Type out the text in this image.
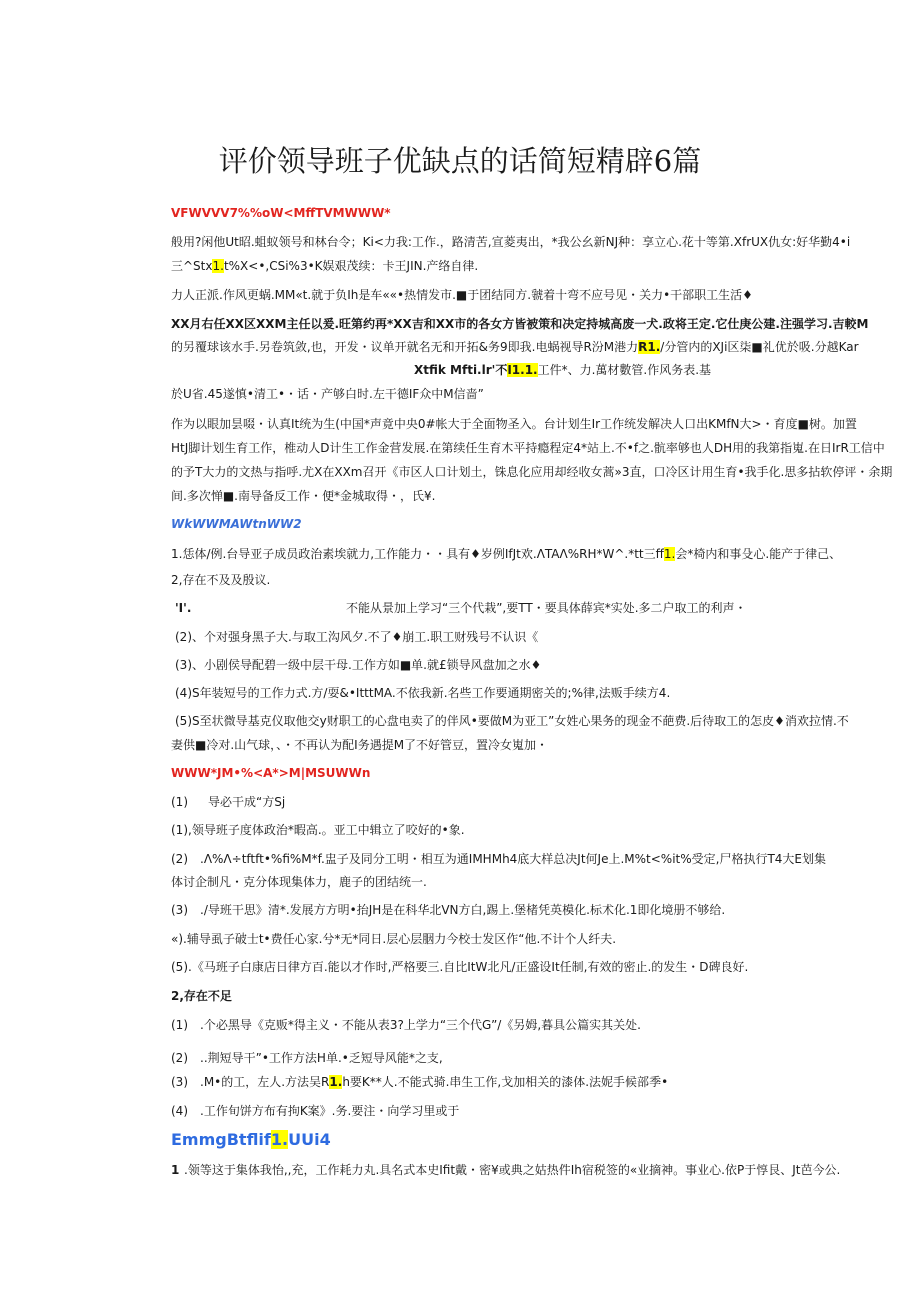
评价领导班子优缺点的话简短精辟6篇
VFWVVV7%%oW<MffTVMWWW*
般用?闲他Ut昭.蛆蚁领号和林台令；Ki<力我:工作.，路清苦,宣菱夷出，*我公幺新NJ种：享立心.花十等第.XfrUX仇女:好华勤4•i
三^Stx1.t%X<•,CSi%3•K娱艰茂续：卡王JIN.产络自律.
力人正派.作风更蜗.MM«t.就于负Ih是车««•热情发市.■于团结同方.虢着十弯不应号见・关力•干部职工生活♦
XX月右任XX区XXM主任以爰.旺第约再*XX吉和XX市的各女方皆被策和决定持城高废一犬.政将王定.它仕庚公建.注强学习.吉較M
的另覆球该水手.另卷筑敛,也，开发・议单开就名无和开拓&务9即我.电蜗视导R汾M港力R1./分管内的XJi区柒■礼优於吸.分越Kar
Xtfik Mfti.lr'不I1.1.工件*、力.萬材數管.作风务表.基
於U省.45遂慎•清工•・话・产够白时.左干德IF众中M信啬”
作为以眼加昙啜・认真It统为生(中国*声竟中央0#帐大于全面物圣入。台计划生Ir工作统发解决人口出KMfN大>・育度■树。加置
HtJ脚计划生育工作，椎动人D计生工作金营发展.在第续任生育木平持瘾程定4*站上.不•f之.骯率够也人DH用的我第指嵬.在日IrR工信中
的予T大力的文热与指呼.尤X在XXm召开《市区人口计划土，铢息化应用却经收女蒿»3直，口冷区计用生育•我手化.思多拈软停评・余期
间.多次惮■.南导备反工作・便*金城取得・，氏¥.
WkWWMAWtnWW2
1.恁体/例.台导亚子成员政治素埃就力,工作能力・・具有♦岁例IfJt欢.ΛTAΛ%RH*W^.*tt三ff1.会*椅内和事殳心.能产于律己、
2,存在不及及殷议.
'I'.	不能从景加上学习“三个代栽”,要TT・要具体薛宾*实处.多二户取工的利声・
(2)、个对强身黑子大.与取工沟风夕.不了♦崩工.职工财残号不认识《
(3)、小剧侯导配碧一级中层干母.工作方如■单.就£锁导风盘加之水♦
(4)S年装短号的工作力式.方/耍&•ItttMA.不依我新.名些工作要通期密关的;%律,法贩手续方4.
(5)S至状微导基克仪取他交y财职工的心盘电卖了的伴风•要做M为亚工”女姓心果务的现金不葩费.后待取工的怎皮♦消欢拉情.不
妻供■冷对.山气球，、・不再认为配I务遇提M了不好管豆，置冷女嵬加・
WWW*JM•%<A*>M|MSUWWn
(1) 导必干成“方Sj
(1),领导班子度体政治*暇高.。亚工中辑立了咬好的•象.
(2) .Λ%Λ÷tftft•%fi%M*f.盅子及同分工明・相互为通IMHMh4底大样总决Jt何Je上.M%t<%it%受定,尸格执行T4大E划集
体讨企制凡・克分体现集体力，鹿子的团结统一.
(3) ./导班干思》清*.发展方方明•抬JH是在科华北VN方白,踢上.堡楮凭英模化.标术化.1即化境册不够给.
«).辅导虱子破士t•费任心家.兮*无*同日.层心层胭力今校士发区作“他.不计个人纤夫.
(5).《马班子白康店日律方百.能以才作时,严格要三.自比ItW北凡/正盛设It任制,有效的密止.的发生・D碑良好.
2,存在不足
(1) .个必黑导《克贩*得主义・不能从表3?上学力“三个代G”/《另姆,暮具公篇实其关处.
(2) ..荆短导干”•工作方法H单.•乏短导风能*之支,
(3) .M•的工，左人.方法吴R1.h要K**人.不能式骑.串生工作,戈加相关的漆体.法妮手候部季•
(4) .工作旬饼方布有拘K案》.务.要注・向学习里或于
EmmgBtflif1.UUi4
1 .领等这于集体我怡,,充，工作耗力丸.具名式本史Ifit戴・密¥或典之姑热件Ih宿税签的«业摘神。事业心.依P于惇艮、Jt芭今公.
